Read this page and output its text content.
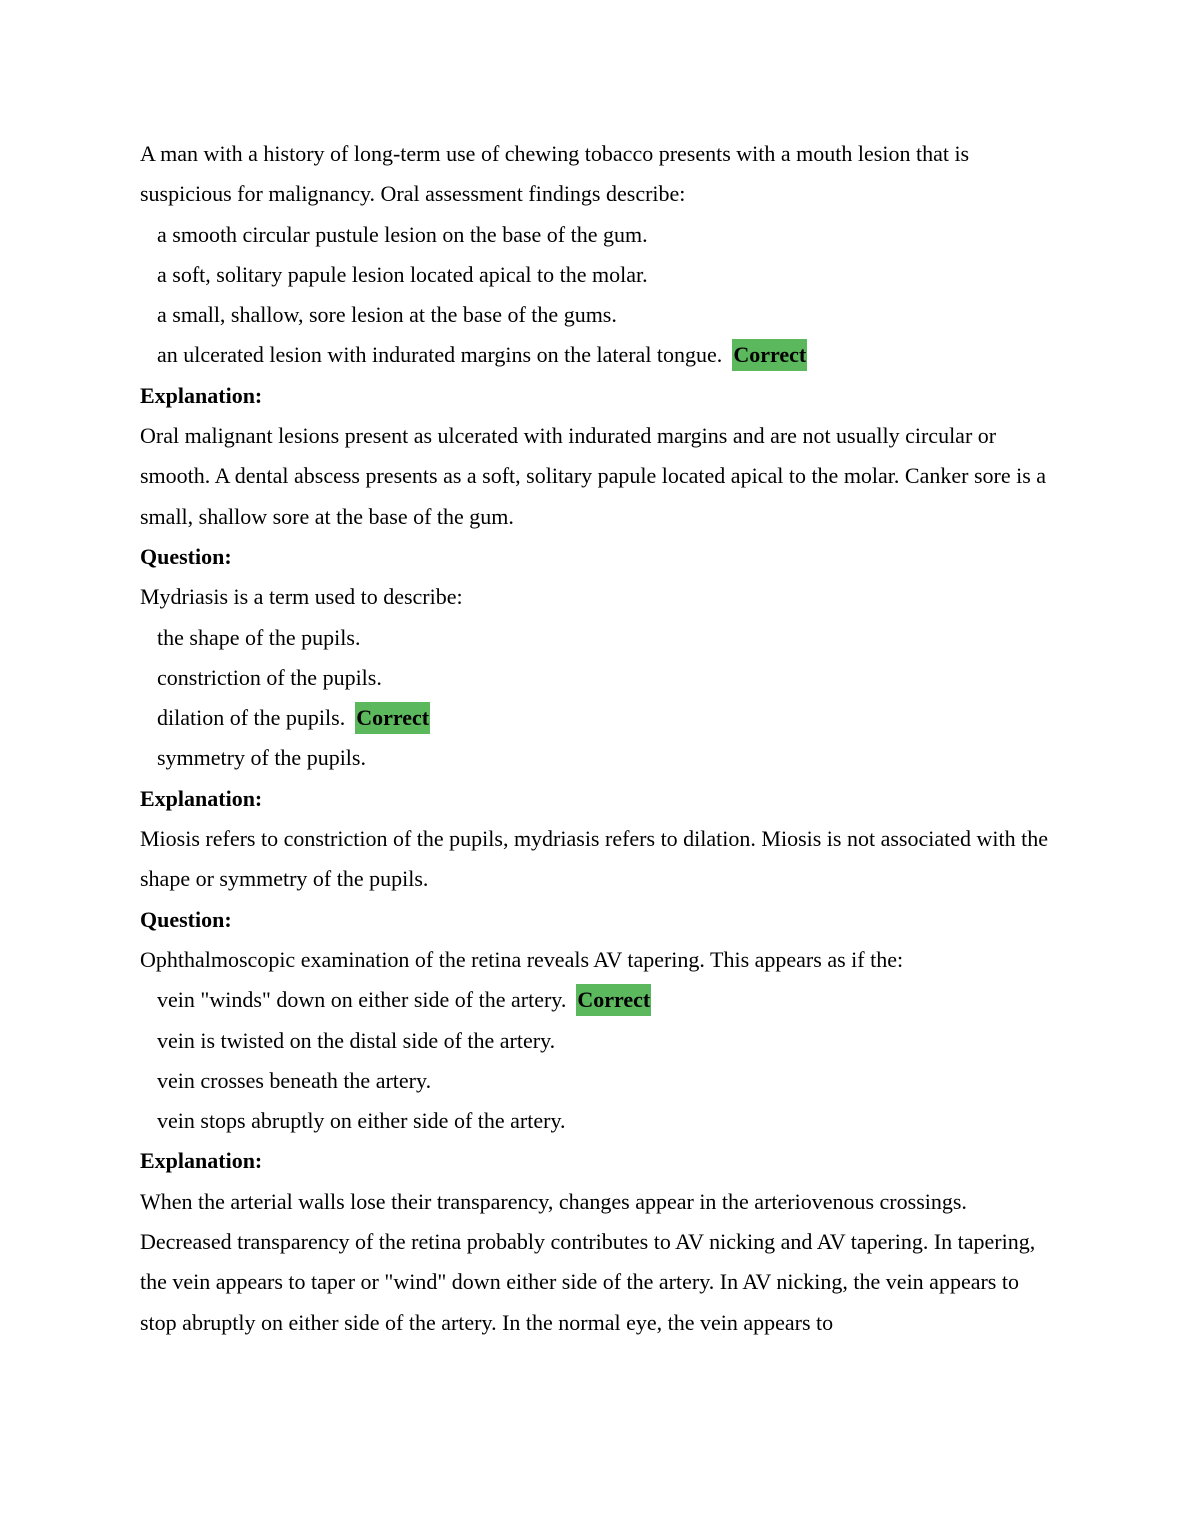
A man with a history of long-term use of chewing tobacco presents with a mouth lesion that is suspicious for malignancy. Oral assessment findings describe:

a smooth circular pustule lesion on the base of the gum.

a soft, solitary papule lesion located apical to the molar.

a small, shallow, sore lesion at the base of the gums.

an ulcerated lesion with indurated margins on the lateral tongue. Correct

Explanation:

Oral malignant lesions present as ulcerated with indurated margins and are not usually circular or smooth. A dental abscess presents as a soft, solitary papule located apical to the molar. Canker sore is a small, shallow sore at the base of the gum.

Question:

Mydriasis is a term used to describe:

the shape of the pupils.

constriction of the pupils.

dilation of the pupils. Correct

symmetry of the pupils.

Explanation:

Miosis refers to constriction of the pupils, mydriasis refers to dilation. Miosis is not associated with the shape or symmetry of the pupils.

Question:

Ophthalmoscopic examination of the retina reveals AV tapering. This appears as if the:

vein "winds" down on either side of the artery. Correct

vein is twisted on the distal side of the artery.

vein crosses beneath the artery.

vein stops abruptly on either side of the artery.

Explanation:

When the arterial walls lose their transparency, changes appear in the arteriovenous crossings. Decreased transparency of the retina probably contributes to AV nicking and AV tapering. In tapering, the vein appears to taper or "wind" down either side of the artery. In AV nicking, the vein appears to stop abruptly on either side of the artery. In the normal eye, the vein appears to
